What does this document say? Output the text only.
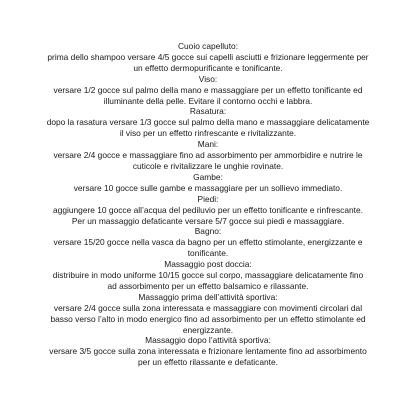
Cuoio capelluto:
prima dello shampoo versare 4/5 gocce sui capelli asciutti e frizionare leggermente per
un effetto dermopurificante e tonificante.
Viso:
versare 1/2 gocce sul palmo della mano e massaggiare per un effetto tonificante ed
illuminante della pelle. Evitare il contorno occhi e labbra.
Rasatura:
dopo la rasatura versare 1/3 gocce sul palmo della mano e massaggiare delicatamente
il viso per un effetto rinfrescante e rivitalizzante.
Mani:
versare 2/4 gocce e massaggiare fino ad assorbimento per ammorbidire e nutrire le
cuticole e rivitalizzare le unghie rovinate.
Gambe:
versare 10 gocce sulle gambe e massaggiare per un sollievo immediato.
Piedi:
aggiungere 10 gocce all’acqua del pediluvio per un effetto tonificante e rinfrescante.
Per un massaggio defaticante versare 5/7 gocce sui piedi e massaggiare.
Bagno:
versare 15/20 gocce nella vasca da bagno per un effetto stimolante, energizzante e
tonificante.
Massaggio post doccia:
distribuire in modo uniforme 10/15 gocce sul corpo, massaggiare delicatamente fino
ad assorbimento per un effetto balsamico e rilassante.
Massaggio prima dell’attività sportiva:
versare 2/4 gocce sulla zona interessata e massaggiare con movimenti circolari dal
basso verso l’alto in modo energico fino ad assorbimento per un effetto stimolante ed
energizzante.
Massaggio dopo l’attività sportiva:
versare 3/5 gocce sulla zona interessata e frizionare lentamente fino ad assorbimento
per un effetto rilassante e defaticante.
